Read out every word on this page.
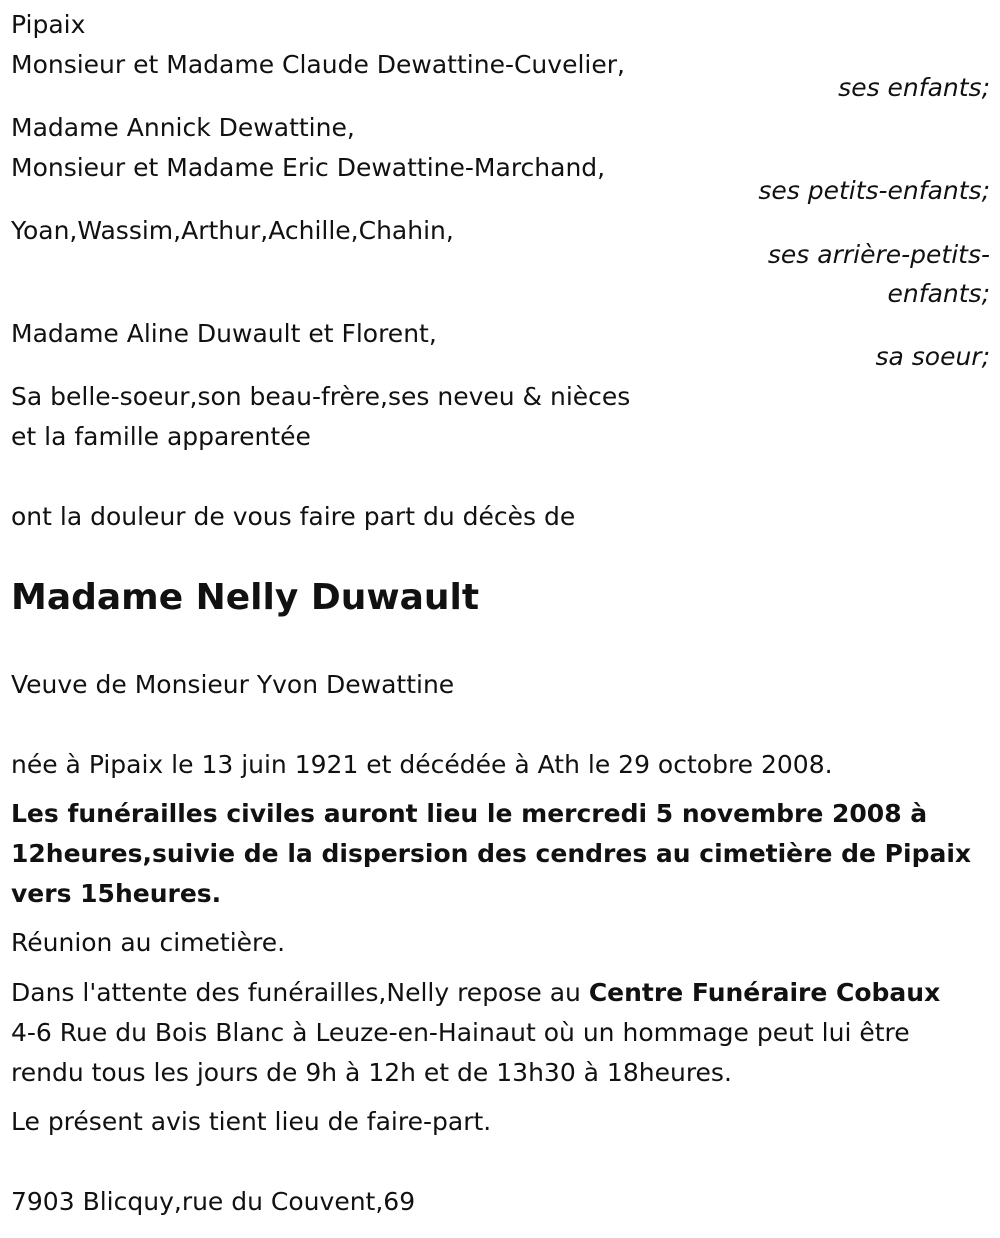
Pipaix
Monsieur et Madame Claude Dewattine-Cuvelier,
ses enfants;
Madame Annick Dewattine,
Monsieur et Madame Eric Dewattine-Marchand,
ses petits-enfants;
Yoan,Wassim,Arthur,Achille,Chahin,
ses arrière-petits-
enfants;
Madame Aline Duwault et Florent,
sa soeur;
Sa belle-soeur,son beau-frère,ses neveu & nièces
et la famille apparentée
ont la douleur de vous faire part du décès de
Madame Nelly Duwault
Veuve de Monsieur Yvon Dewattine
née à Pipaix le 13 juin 1921 et décédée à Ath le 29 octobre 2008.
Les funérailles civiles auront lieu le mercredi 5 novembre 2008 à
12heures,suivie de la dispersion des cendres au cimetière de Pipaix
vers 15heures.
Réunion au cimetière.
Dans l'attente des funérailles,Nelly repose au Centre Funéraire Cobaux
4-6 Rue du Bois Blanc à Leuze-en-Hainaut où un hommage peut lui être
rendu tous les jours de 9h à 12h et de 13h30 à 18heures.
Le présent avis tient lieu de faire-part.
7903 Blicquy,rue du Couvent,69
